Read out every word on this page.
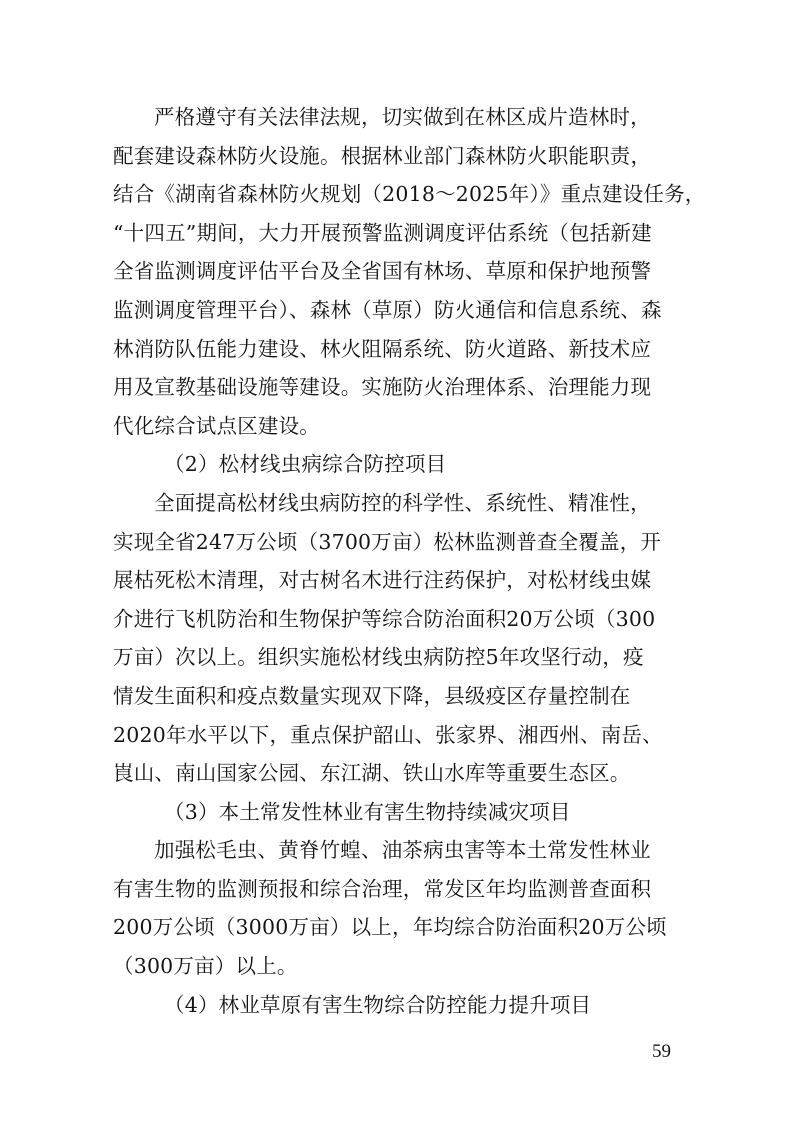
严格遵守有关法律法规，切实做到在林区成片造林时，
配套建设森林防火设施。根据林业部门森林防火职能职责，
结合《湖南省森林防火规划（2018～2025年）》重点建设任务，
“十四五”期间，大力开展预警监测调度评估系统（包括新建
全省监测调度评估平台及全省国有林场、草原和保护地预警
监测调度管理平台）、森林（草原）防火通信和信息系统、森
林消防队伍能力建设、林火阻隔系统、防火道路、新技术应
用及宣教基础设施等建设。实施防火治理体系、治理能力现
代化综合试点区建设。
（2）松材线虫病综合防控项目
全面提高松材线虫病防控的科学性、系统性、精准性，
实现全省247万公顷（3700万亩）松林监测普查全覆盖，开
展枯死松木清理，对古树名木进行注药保护，对松材线虫媒
介进行飞机防治和生物保护等综合防治面积20万公顷（300
万亩）次以上。组织实施松材线虫病防控5年攻坚行动，疫
情发生面积和疫点数量实现双下降，县级疫区存量控制在
2020年水平以下，重点保护韶山、张家界、湘西州、南岳、
崀山、南山国家公园、东江湖、铁山水库等重要生态区。
（3）本土常发性林业有害生物持续减灾项目
加强松毛虫、黄脊竹蝗、油茶病虫害等本土常发性林业
有害生物的监测预报和综合治理，常发区年均监测普查面积
200万公顷（3000万亩）以上，年均综合防治面积20万公顷
（300万亩）以上。
（4）林业草原有害生物综合防控能力提升项目
59
